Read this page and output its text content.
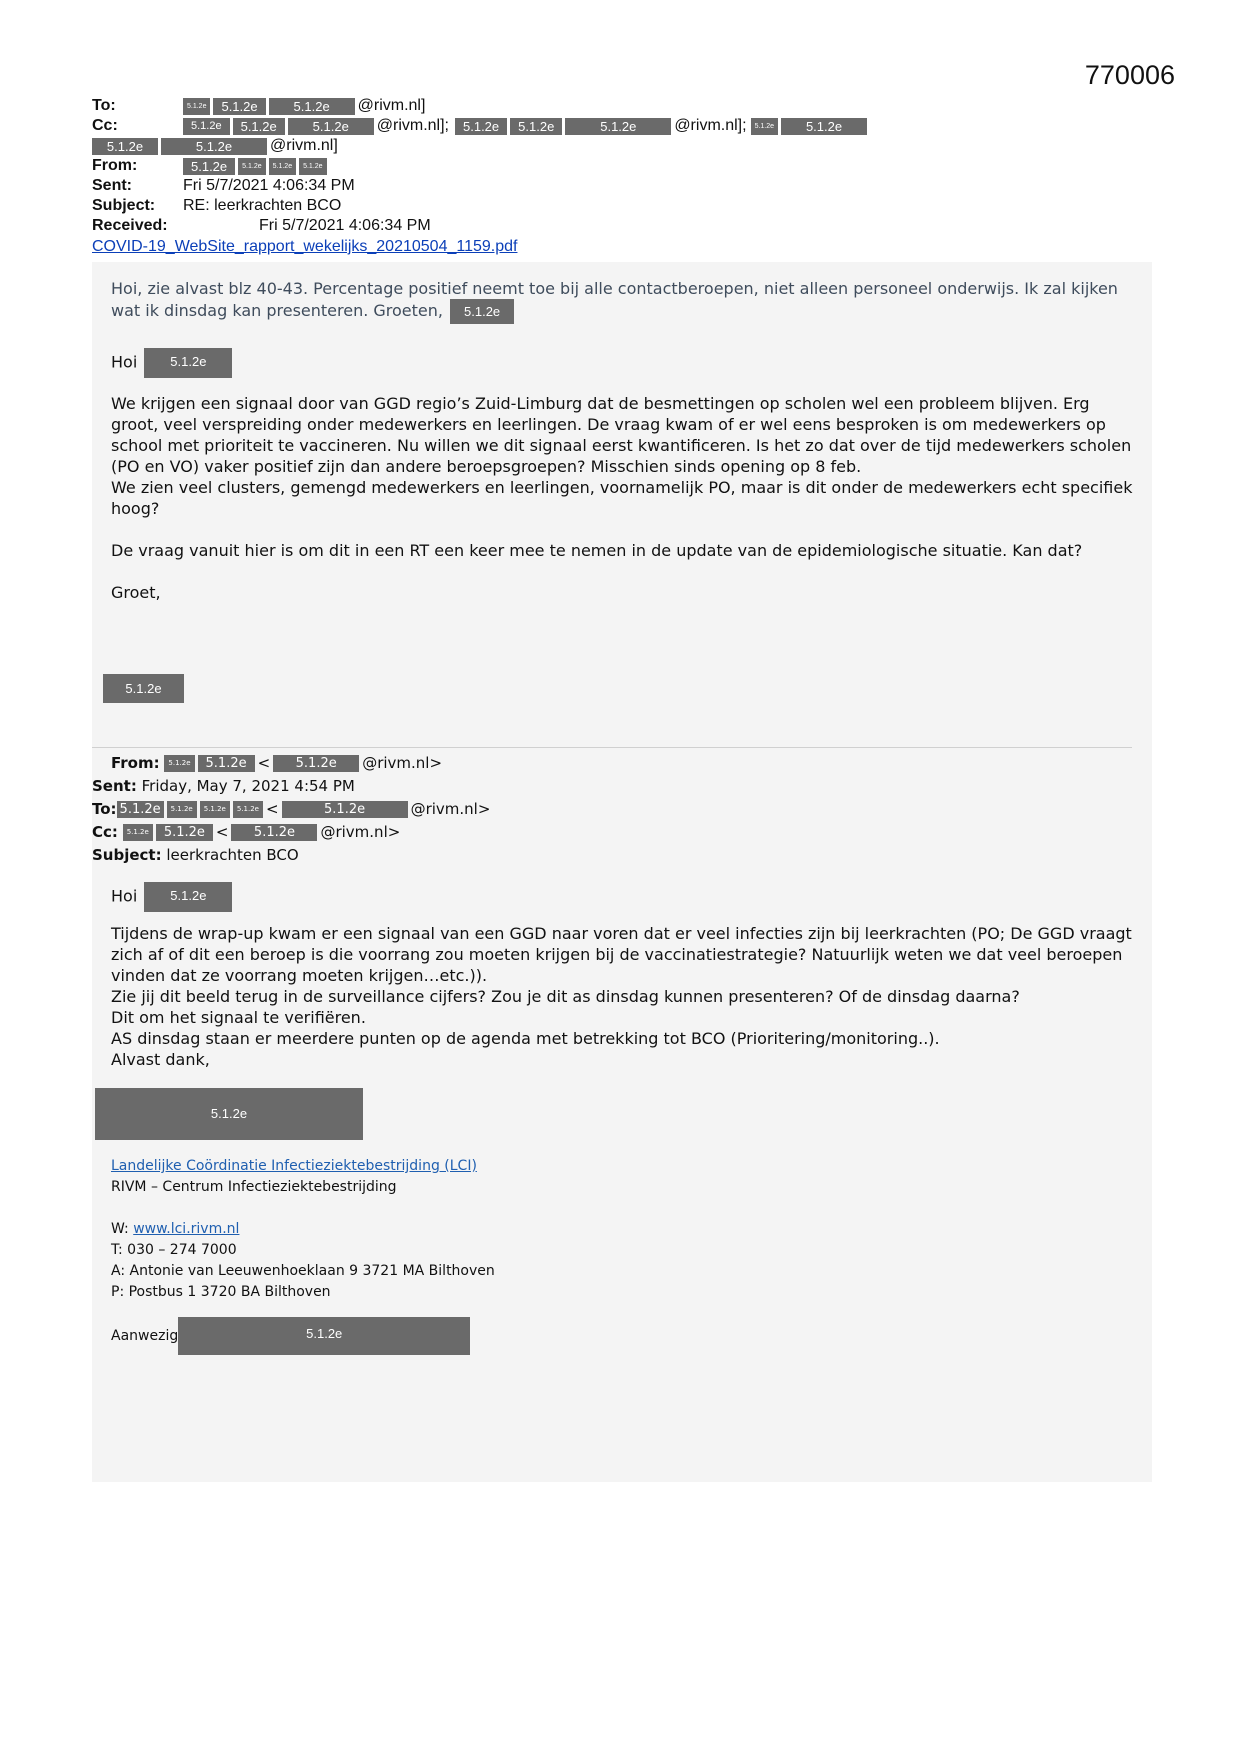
770006
To:	5.1.2e	5.1.2e	5.1.2e	@rivm.nl]
Cc:	5.1.2e	5.1.2e	5.1.2e	@rivm.nl];	5.1.2e	5.1.2e	5.1.2e	@rivm.nl];	5.1.2e	5.1.2e
5.1.2e	5.1.2e	@rivm.nl]
From:	5.1.2e	5.1.2e	5.1.2e	5.1.2e
Sent:	Fri 5/7/2021 4:06:34 PM
Subject:	RE: leerkrachten BCO
Received:	Fri 5/7/2021 4:06:34 PM
COVID-19_WebSite_rapport_wekelijks_20210504_1159.pdf
Hoi, zie alvast blz 40-43. Percentage positief neemt toe bij alle contactberoepen, niet alleen personeel onderwijs. Ik zal kijken wat ik dinsdag kan presenteren. Groeten, 5.1.2e
Hoi	5.1.2e
We krijgen een signaal door van GGD regio’s Zuid-Limburg dat de besmettingen op scholen wel een probleem blijven. Erg groot, veel verspreiding onder medewerkers en leerlingen. De vraag kwam of er wel eens besproken is om medewerkers op school met prioriteit te vaccineren. Nu willen we dit signaal eerst kwantificeren. Is het zo dat over de tijd medewerkers scholen (PO en VO) vaker positief zijn dan andere beroepsgroepen? Misschien sinds opening op 8 feb.
We zien veel clusters, gemengd medewerkers en leerlingen, voornamelijk PO, maar is dit onder de medewerkers echt specifiek hoog?
De vraag vanuit hier is om dit in een RT een keer mee te nemen in de update van de epidemiologische situatie. Kan dat?
Groet,
5.1.2e
From:
	5.1.2e	5.1.2e <	5.1.2e	@rivm.nl>
Sent:
Friday, May 7, 2021 4:54 PM
To: 5.1.2e	5.1.2e	5.1.2e	5.1.2e <	5.1.2e	@rivm.nl>
Cc:
	5.1.2e	5.1.2e <	5.1.2e	@rivm.nl>
Subject:
leerkrachten BCO
Hoi	5.1.2e
Tijdens de wrap-up kwam er een signaal van een GGD naar voren dat er veel infecties zijn bij leerkrachten (PO; De GGD vraagt zich af of dit een beroep is die voorrang zou moeten krijgen bij de vaccinatiestrategie? Natuurlijk weten we dat veel beroepen vinden dat ze voorrang moeten krijgen…etc.)).
Zie jij dit beeld terug in de surveillance cijfers? Zou je dit as dinsdag kunnen presenteren? Of de dinsdag daarna?
Dit om het signaal te verifiëren.
AS dinsdag staan er meerdere punten op de agenda met betrekking tot BCO (Prioritering/monitoring..).
Alvast dank,
5.1.2e
Landelijke Coördinatie Infectieziektebestrijding (LCI)
RIVM – Centrum Infectieziektebestrijding
W: www.lci.rivm.nl
T: 030 – 274 7000
A: Antonie van Leeuwenhoeklaan 9 3721 MA Bilthoven
P: Postbus 1 3720 BA Bilthoven
Aanwezig	5.1.2e
